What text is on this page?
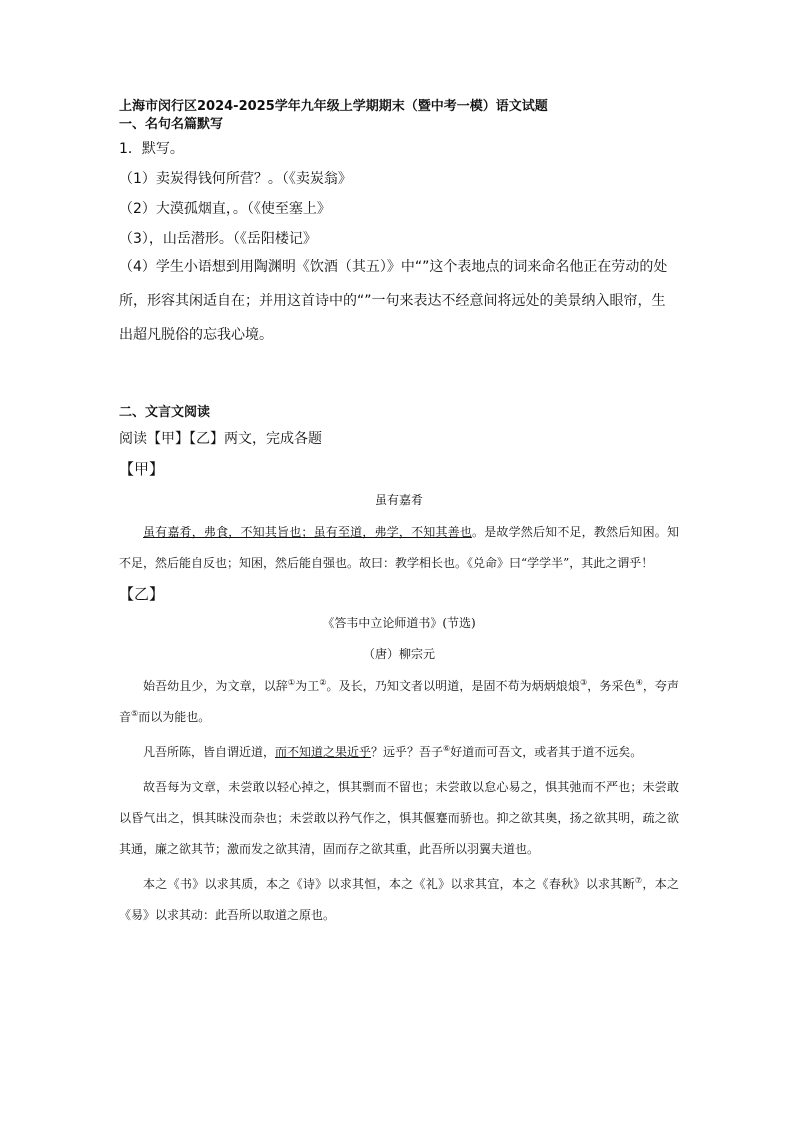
上海市闵行区2024-2025学年九年级上学期期末（暨中考一模）语文试题

一、名句名篇默写

1．默写。

（1）卖炭得钱何所营？。（《卖炭翁》

（2）大漠孤烟直，。（《使至塞上》

（3），山岳潜形。（《岳阳楼记》

（4）学生小语想到用陶渊明《饮酒（其五）》中“”这个表地点的词来命名他正在劳动的处所，形容其闲适自在；并用这首诗中的“”一句来表达不经意间将远处的美景纳入眼帘，生出超凡脱俗的忘我心境。

二、文言文阅读

阅读【甲】【乙】两文，完成各题

【甲】

虽有嘉肴

虽有嘉肴，弗食，不知其旨也；虽有至道，弗学，不知其善也。是故学然后知不足，教然后知困。知不足，然后能自反也；知困，然后能自强也。故曰：教学相长也。《兑命》曰“学学半”，其此之谓乎！

【乙】

《答韦中立论师道书》(节选)

（唐）柳宗元

始吾幼且少，为文章，以辞①为工②。及长，乃知文者以明道，是固不苟为炳炳烺烺③，务采色④，夸声音⑤而以为能也。

凡吾所陈，皆自谓近道，而不知道之果近乎？远乎？吾子⑥好道而可吾文，或者其于道不远矣。

故吾每为文章，未尝敢以轻心掉之，惧其剽而不留也；未尝敢以怠心易之，惧其弛而不严也；未尝敢以昏气出之，惧其昧没而杂也；未尝敢以矜气作之，惧其偃蹇而骄也。抑之欲其奥，扬之欲其明，疏之欲其通，廉之欲其节；激而发之欲其清，固而存之欲其重，此吾所以羽翼夫道也。

本之《书》以求其质，本之《诗》以求其恒，本之《礼》以求其宜，本之《春秋》以求其断⑦，本之《易》以求其动：此吾所以取道之原也。
